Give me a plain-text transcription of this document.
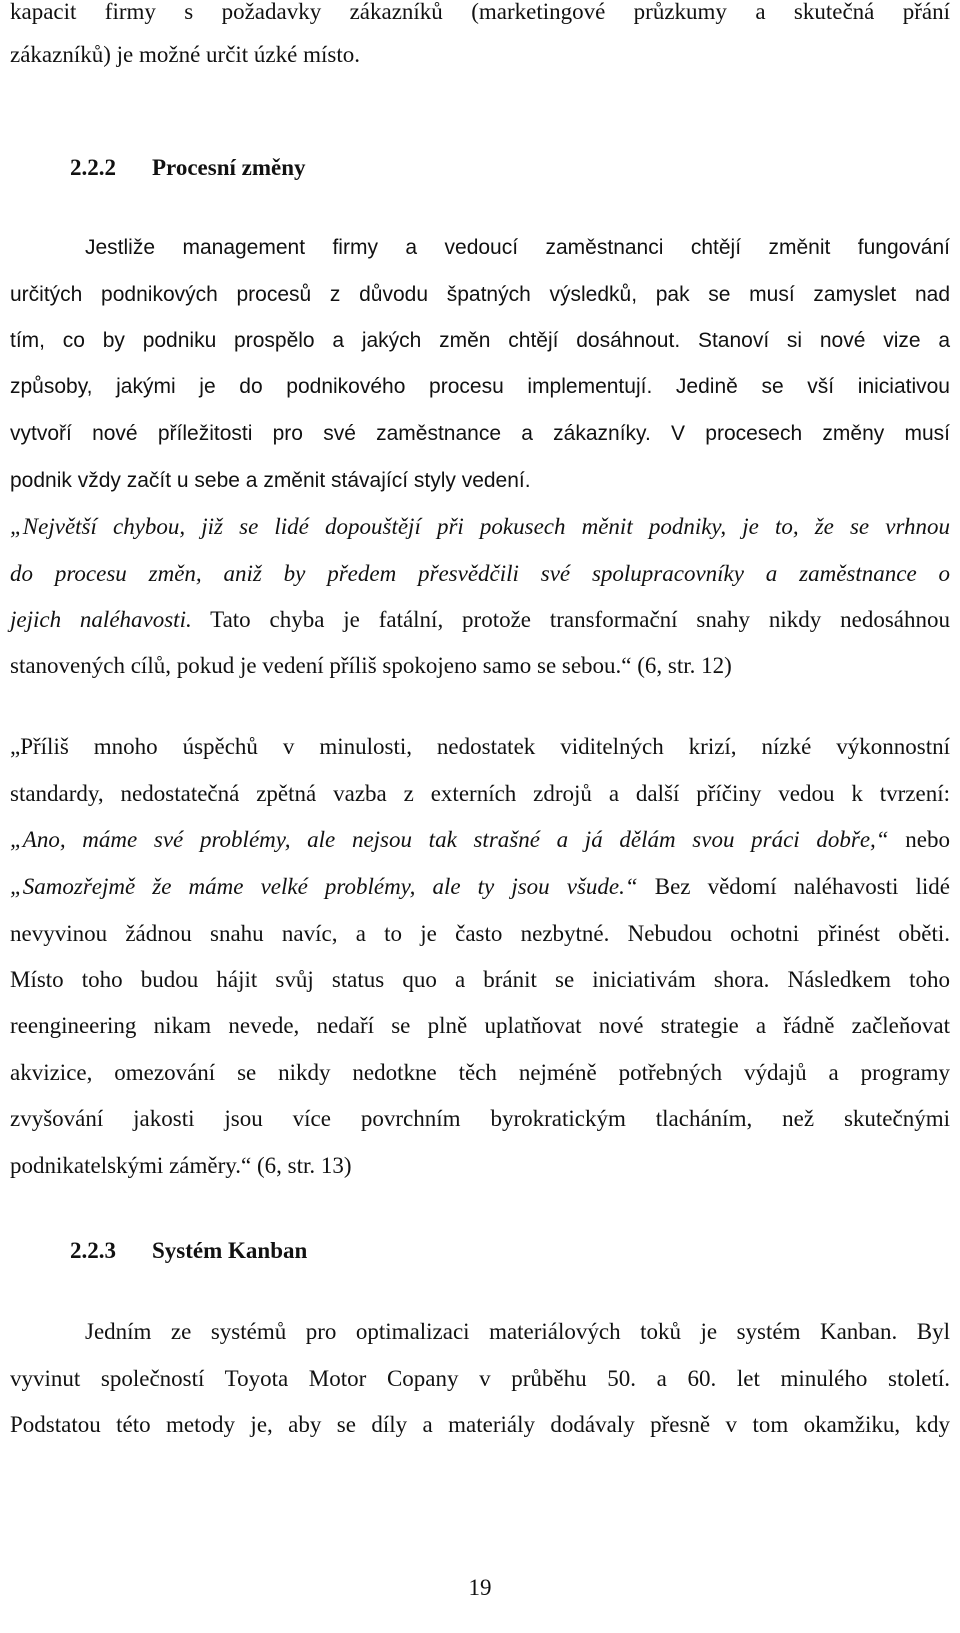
kapacit firmy s požadavky zákazníků (marketingové průzkumy a skutečná přání
zákazníků) je možné určit úzké místo.
2.2.2 Procesní změny
Jestliže management firmy a vedoucí zaměstnanci chtějí změnit fungování
určitých podnikových procesů z důvodu špatných výsledků, pak se musí zamyslet nad
tím, co by podniku prospělo a jakých změn chtějí dosáhnout. Stanoví si nové vize a
způsoby, jakými je do podnikového procesu implementují. Jedině se vší iniciativou
vytvoří nové příležitosti pro své zaměstnance a zákazníky. V procesech změny musí
podnik vždy začít u sebe a změnit stávající styly vedení.
„Největší chybou, již se lidé dopouštějí při pokusech měnit podniky, je to, že se vrhnou
do procesu změn, aniž by předem přesvědčili své spolupracovníky a zaměstnance o
jejich naléhavosti. Tato chyba je fatální, protože transformační snahy nikdy nedosáhnou
stanovených cílů, pokud je vedení příliš spokojeno samo se sebou.“ (6, str. 12)
„Příliš mnoho úspěchů v minulosti, nedostatek viditelných krizí, nízké výkonnostní
standardy, nedostatečná zpětná vazba z externích zdrojů a další příčiny vedou k tvrzení:
„Ano, máme své problémy, ale nejsou tak strašné a já dělám svou práci dobře,“ nebo
„Samozřejmě že máme velké problémy, ale ty jsou všude.“ Bez vědomí naléhavosti lidé
nevyvinou žádnou snahu navíc, a to je často nezbytné. Nebudou ochotni přinést oběti.
Místo toho budou hájit svůj status quo a bránit se iniciativám shora. Následkem toho
reengineering nikam nevede, nedaří se plně uplatňovat nové strategie a řádně začleňovat
akvizice, omezování se nikdy nedotkne těch nejméně potřebných výdajů a programy
zvyšování jakosti jsou více povrchním byrokratickým tlacháním, než skutečnými
podnikatelskými záměry.“ (6, str. 13)
2.2.3 Systém Kanban
Jedním ze systémů pro optimalizaci materiálových toků je systém Kanban. Byl
vyvinut společností Toyota Motor Copany v průběhu 50. a 60. let minulého století.
Podstatou této metody je, aby se díly a materiály dodávaly přesně v tom okamžiku, kdy
19
